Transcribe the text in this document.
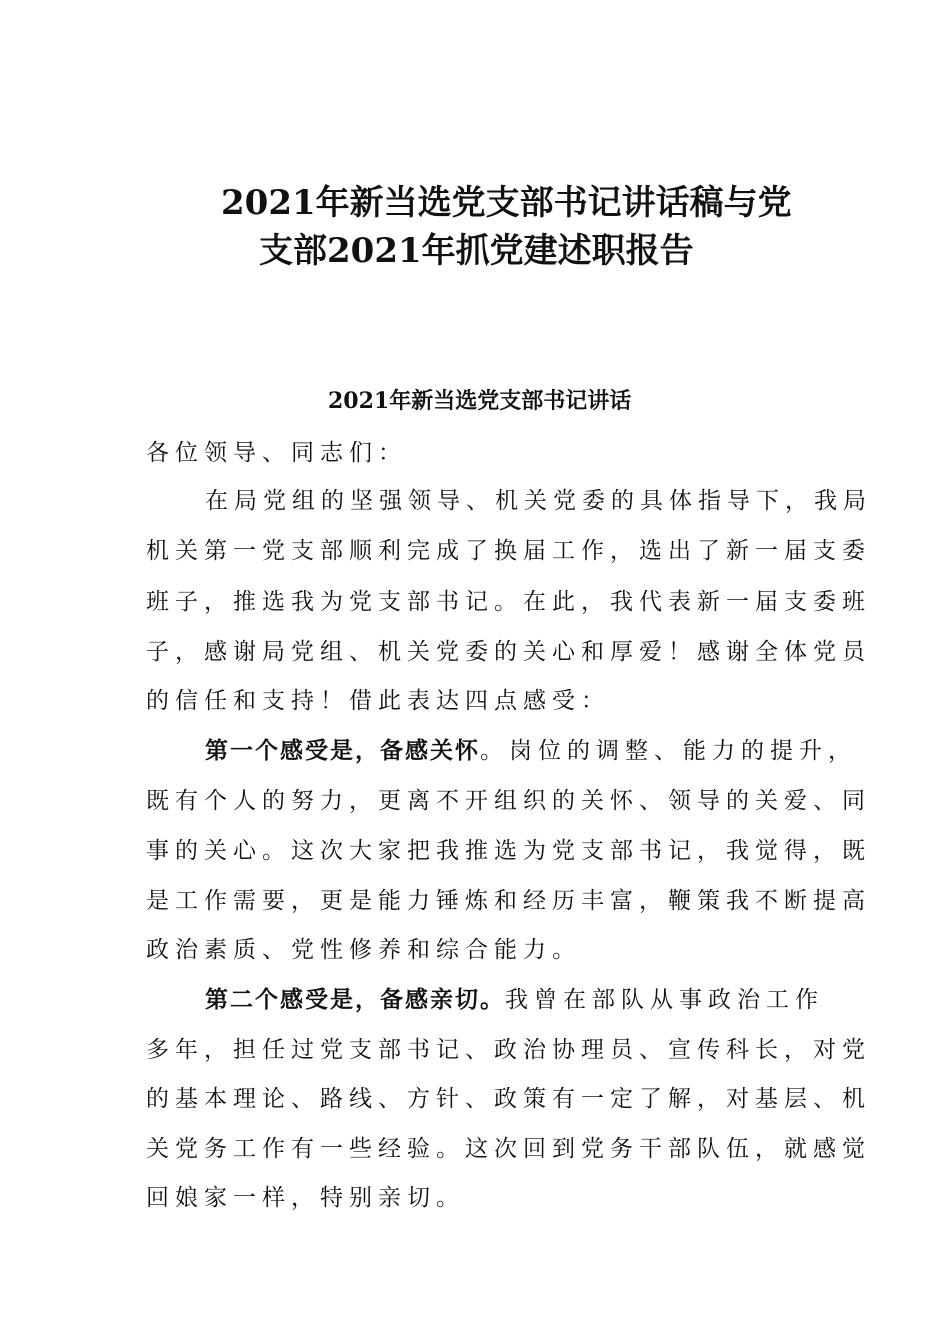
2021年新当选党支部书记讲话稿与党
支部2021年抓党建述职报告
2021年新当选党支部书记讲话
各位领导、同志们：
在局党组的坚强领导、机关党委的具体指导下，我局
机关第一党支部顺利完成了换届工作，选出了新一届支委
班子，推选我为党支部书记。在此，我代表新一届支委班
子，感谢局党组、机关党委的关心和厚爱！感谢全体党员
的信任和支持！借此表达四点感受：
第一个感受是，备感关怀。岗位的调整、能力的提升，
既有个人的努力，更离不开组织的关怀、领导的关爱、同
事的关心。这次大家把我推选为党支部书记，我觉得，既
是工作需要，更是能力锤炼和经历丰富，鞭策我不断提高
政治素质、党性修养和综合能力。
第二个感受是，备感亲切。我曾在部队从事政治工作
多年，担任过党支部书记、政治协理员、宣传科长，对党
的基本理论、路线、方针、政策有一定了解，对基层、机
关党务工作有一些经验。这次回到党务干部队伍，就感觉
回娘家一样，特别亲切。
